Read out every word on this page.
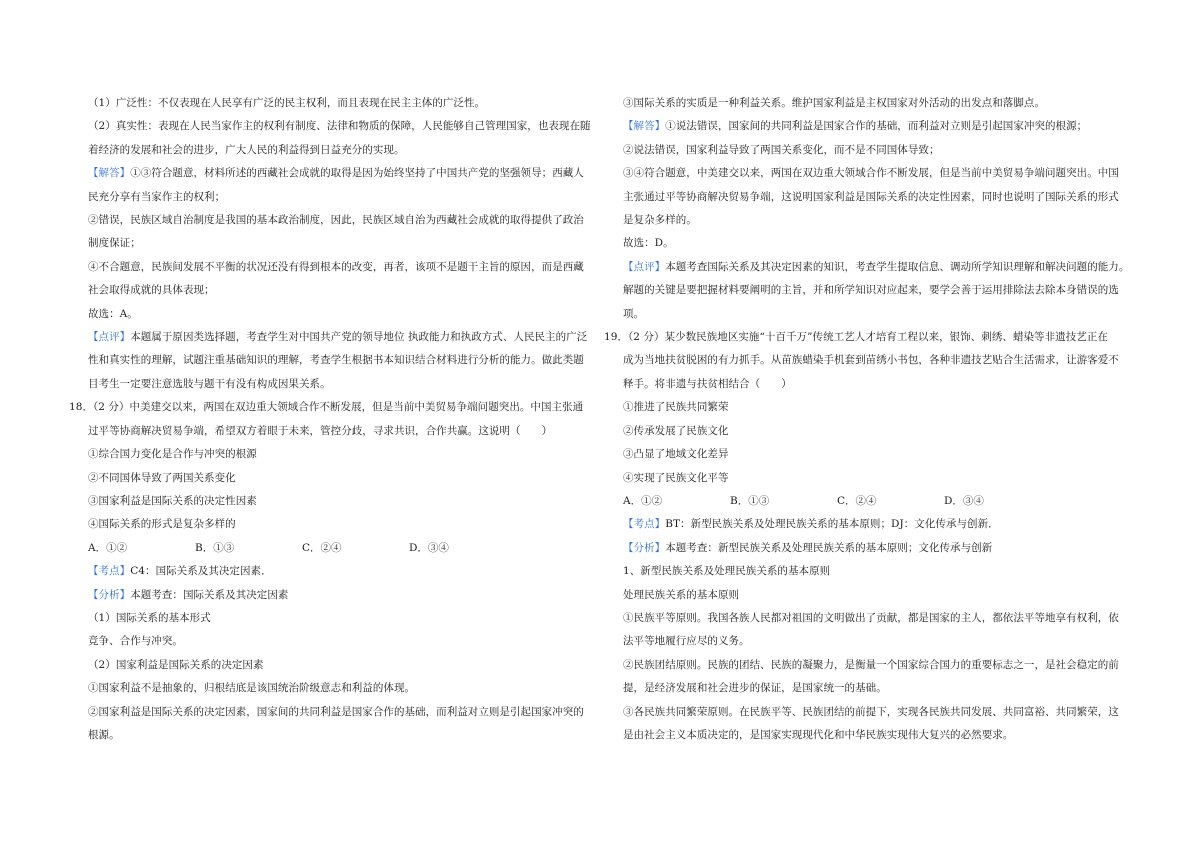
（1）广泛性：不仅表现在人民享有广泛的民主权利，而且表现在民主主体的广泛性。
（2）真实性：表现在人民当家作主的权利有制度、法律和物质的保障，人民能够自己管理国家，也表现在随
着经济的发展和社会的进步，广大人民的利益得到日益充分的实现。
【解答】①③符合题意，材料所述的西藏社会成就的取得是因为始终坚持了中国共产党的坚强领导；西藏人
民充分享有当家作主的权利；
②错误，民族区域自治制度是我国的基本政治制度，因此，民族区域自治为西藏社会成就的取得提供了政治
制度保证；
④不合题意，民族间发展不平衡的状况还没有得到根本的改变，再者，该项不是题干主旨的原因，而是西藏
社会取得成就的具体表现；
故选：A。
【点评】本题属于原因类选择题，考查学生对中国共产党的领导地位 执政能力和执政方式、人民民主的广泛
性和真实性的理解，试题注重基础知识的理解，考查学生根据书本知识结合材料进行分析的能力。做此类题
目考生一定要注意选肢与题干有没有构成因果关系。
18．（2 分）中美建交以来，两国在双边重大领域合作不断发展，但是当前中美贸易争端问题突出。中国主张通
过平等协商解决贸易争端，希望双方着眼于未来，管控分歧，寻求共识，合作共赢。这说明（　　）
①综合国力变化是合作与冲突的根源
②不同国体导致了两国关系变化
③国家利益是国际关系的决定性因素
④国际关系的形式是复杂多样的
A．①②	B．①③	C．②④	D．③④
【考点】C4：国际关系及其决定因素．
【分析】本题考查：国际关系及其决定因素
（1）国际关系的基本形式
竞争、合作与冲突。
（2）国家利益是国际关系的决定因素
①国家利益不是抽象的，归根结底是该国统治阶级意志和利益的体现。
②国家利益是国际关系的决定因素，国家间的共同利益是国家合作的基础，而利益对立则是引起国家冲突的
根源。
③国际关系的实质是一种利益关系。维护国家利益是主权国家对外活动的出发点和落脚点。
【解答】①说法错误，国家间的共同利益是国家合作的基础，而利益对立则是引起国家冲突的根源；
②说法错误，国家利益导致了两国关系变化，而不是不同国体导致；
③④符合题意，中美建交以来，两国在双边重大领域合作不断发展，但是当前中美贸易争端问题突出。中国
主张通过平等协商解决贸易争端，这说明国家利益是国际关系的决定性因素，同时也说明了国际关系的形式
是复杂多样的。
故选：D。
【点评】本题考查国际关系及其决定因素的知识，考查学生提取信息、调动所学知识理解和解决问题的能力。
解题的关键是要把握材料要阐明的主旨，并和所学知识对应起来，要学会善于运用排除法去除本身错误的选
项。
19．（2 分）某少数民族地区实施“十百千万”传统工艺人才培育工程以来，银饰、刺绣、蜡染等非遗技艺正在
成为当地扶贫脱困的有力抓手。从苗族蜡染手机套到苗绣小书包，各种非遗技艺贴合生活需求，让游客爱不
释手。将非遗与扶贫相结合（　　）
①推进了民族共同繁荣
②传承发展了民族文化
③凸显了地域文化差异
④实现了民族文化平等
A．①②	B．①③	C．②④	D．③④
【考点】BT：新型民族关系及处理民族关系的基本原则；DJ：文化传承与创新．
【分析】本题考查：新型民族关系及处理民族关系的基本原则；文化传承与创新
1、新型民族关系及处理民族关系的基本原则
处理民族关系的基本原则
①民族平等原则。我国各族人民都对祖国的文明做出了贡献，都是国家的主人，都依法平等地享有权利，依
法平等地履行应尽的义务。
②民族团结原则。民族的团结、民族的凝聚力，是衡量一个国家综合国力的重要标志之一，是社会稳定的前
提，是经济发展和社会进步的保证，是国家统一的基础。
③各民族共同繁荣原则。在民族平等、民族团结的前提下，实现各民族共同发展、共同富裕、共同繁荣，这
是由社会主义本质决定的，是国家实现现代化和中华民族实现伟大复兴的必然要求。
